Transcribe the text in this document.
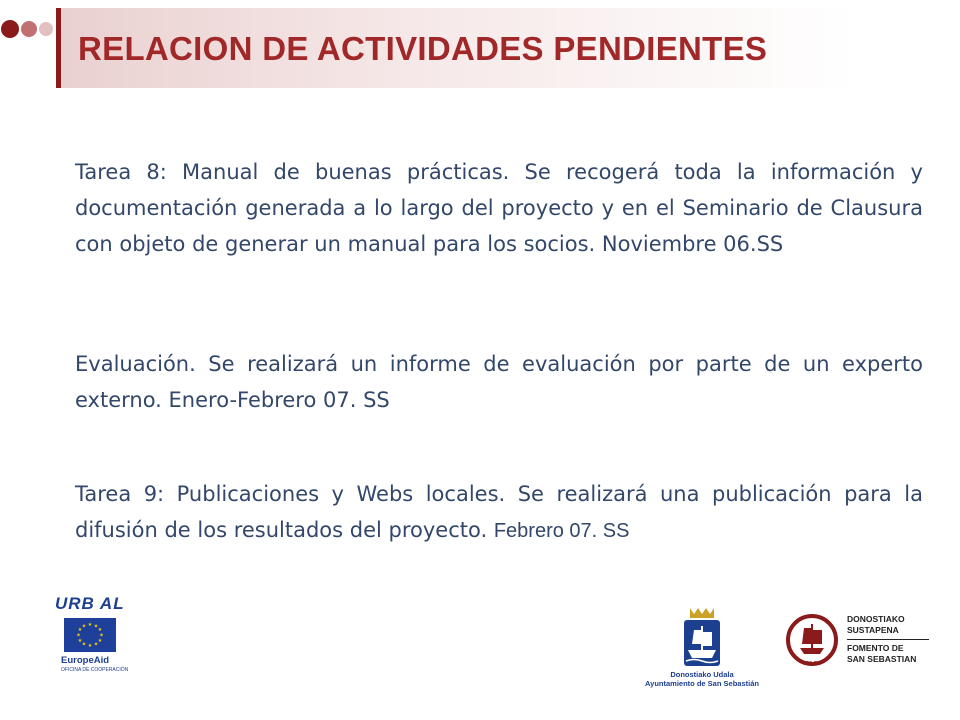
RELACION DE ACTIVIDADES PENDIENTES

Tarea 8: Manual de buenas prácticas. Se recogerá toda la información y documentación generada a lo largo del proyecto y en el Seminario de Clausura con objeto de generar un manual para los socios. Noviembre 06.SS

Evaluación. Se realizará un informe de evaluación por parte de un experto externo. Enero-Febrero 07. SS

Tarea 9: Publicaciones y Webs locales. Se realizará una publicación para la difusión de los resultados del proyecto. Febrero 07. SS

URB AL
★ ★
★
★
★
★
★
★
★
★
★
★
EuropeAid
OFICINA DE COOPERACIÓN	Donostiako Udala
Ayuntamiento de San Sebastián
FSS·DS
DONOSTIAKO
SUSTAPENA
FOMENTO DE
SAN SEBASTIAN
